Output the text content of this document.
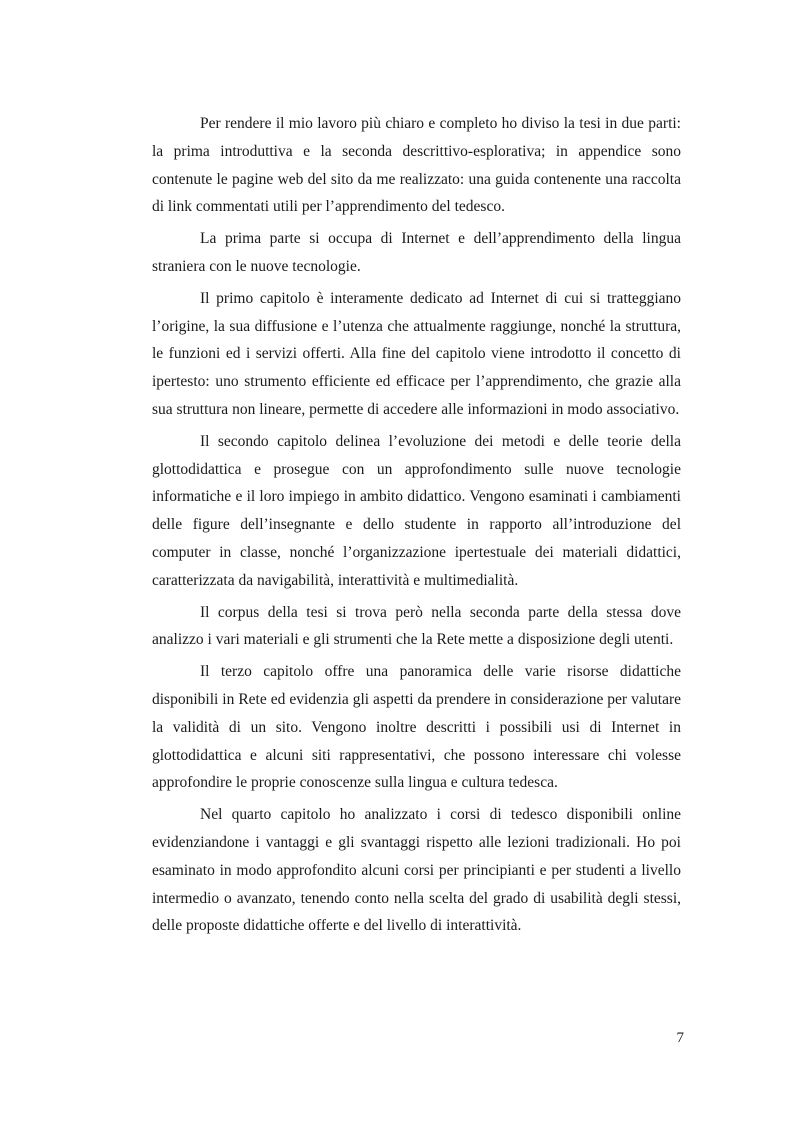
Per rendere il mio lavoro più chiaro e completo ho diviso la tesi in due parti: la prima introduttiva e la seconda descrittivo-esplorativa; in appendice sono contenute le pagine web del sito da me realizzato: una guida contenente una raccolta di link commentati utili per l’apprendimento del tedesco.

La prima parte si occupa di Internet e dell’apprendimento della lingua straniera con le nuove tecnologie.

Il primo capitolo è interamente dedicato ad Internet di cui si tratteggiano l’origine, la sua diffusione e l’utenza che attualmente raggiunge, nonché la struttura, le funzioni ed i servizi offerti. Alla fine del capitolo viene introdotto il concetto di ipertesto: uno strumento efficiente ed efficace per l’apprendimento, che grazie alla sua struttura non lineare, permette di accedere alle informazioni in modo associativo.

Il secondo capitolo delinea l’evoluzione dei metodi e delle teorie della glottodidattica e prosegue con un approfondimento sulle nuove tecnologie informatiche e il loro impiego in ambito didattico. Vengono esaminati i cambiamenti delle figure dell’insegnante e dello studente in rapporto all’introduzione del computer in classe, nonché l’organizzazione ipertestuale dei materiali didattici, caratterizzata da navigabilità, interattività e multimedialità.

Il corpus della tesi si trova però nella seconda parte della stessa dove analizzo i vari materiali e gli strumenti che la Rete mette a disposizione degli utenti.

Il terzo capitolo offre una panoramica delle varie risorse didattiche disponibili in Rete ed evidenzia gli aspetti da prendere in considerazione per valutare la validità di un sito. Vengono inoltre descritti i possibili usi di Internet in glottodidattica e alcuni siti rappresentativi, che possono interessare chi volesse approfondire le proprie conoscenze sulla lingua e cultura tedesca.

Nel quarto capitolo ho analizzato i corsi di tedesco disponibili online evidenziandone i vantaggi e gli svantaggi rispetto alle lezioni tradizionali. Ho poi esaminato in modo approfondito alcuni corsi per principianti e per studenti a livello intermedio o avanzato, tenendo conto nella scelta del grado di usabilità degli stessi, delle proposte didattiche offerte e del livello di interattività.

7
